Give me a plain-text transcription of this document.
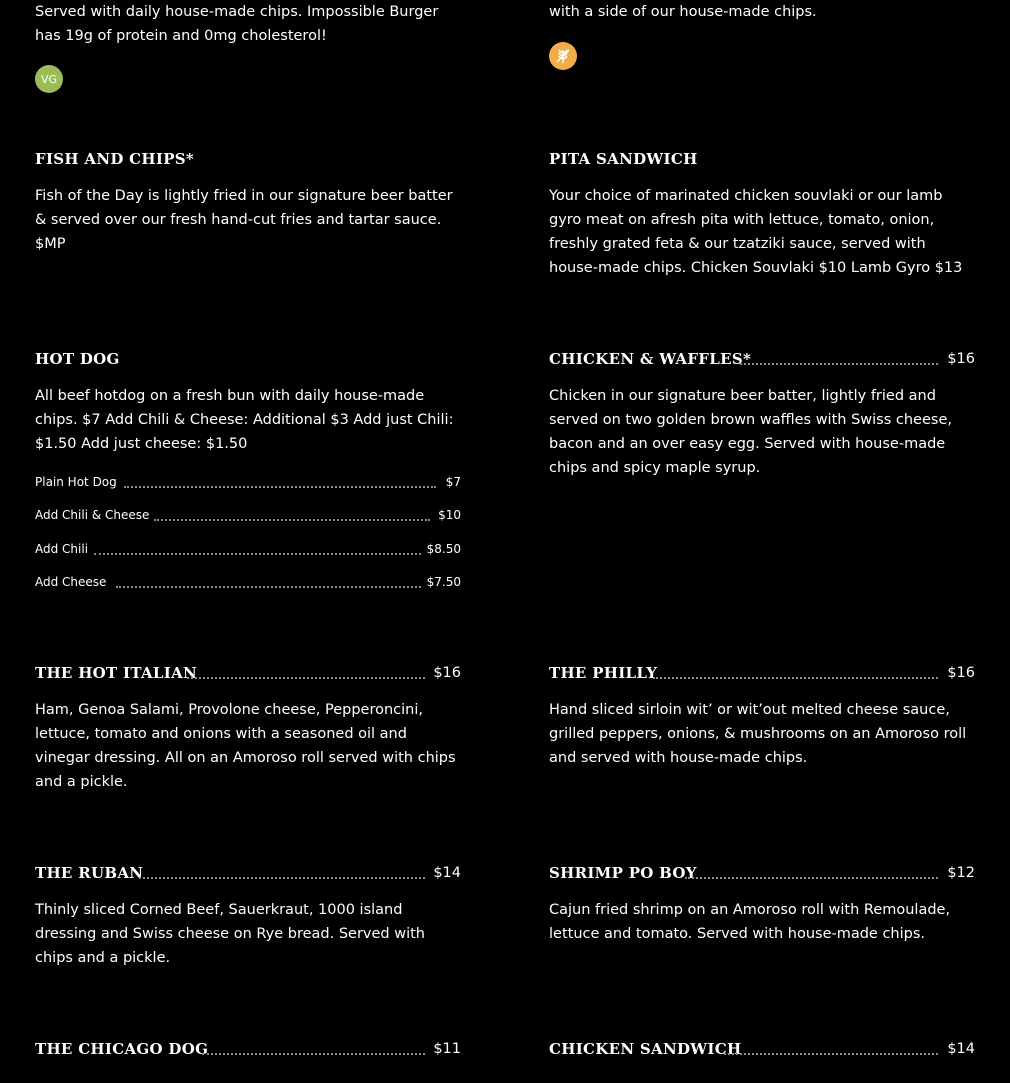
Served with daily house-made chips. Impossible Burger has 19g of protein and 0mg cholesterol!
VG
with a side of our house-made chips.
FISH AND CHIPS*
Fish of the Day is lightly fried in our signature beer batter & served over our fresh hand-cut fries and tartar sauce. $MP
PITA SANDWICH
Your choice of marinated chicken souvlaki or our lamb gyro meat on afresh pita with lettuce, tomato, onion, freshly grated feta & our tzatziki sauce, served with house-made chips. Chicken Souvlaki $10 Lamb Gyro $13
HOT DOG
All beef hotdog on a fresh bun with daily house-made chips. $7 Add Chili & Cheese: Additional $3 Add just Chili: $1.50 Add just cheese: $1.50
Plain Hot Dog	$7
Add Chili & Cheese	$10
Add Chili	$8.50
Add Cheese	$7.50
CHICKEN & WAFFLES*	$16
Chicken in our signature beer batter, lightly fried and served on two golden brown waffles with Swiss cheese, bacon and an over easy egg. Served with house-made chips and spicy maple syrup.
THE HOT ITALIAN	$16
Ham, Genoa Salami, Provolone cheese, Pepperoncini, lettuce, tomato and onions with a seasoned oil and vinegar dressing. All on an Amoroso roll served with chips and a pickle.
THE PHILLY	$16
Hand sliced sirloin wit’ or wit’out melted cheese sauce, grilled peppers, onions, & mushrooms on an Amoroso roll and served with house-made chips.
THE RUBAN	$14
Thinly sliced Corned Beef, Sauerkraut, 1000 island dressing and Swiss cheese on Rye bread. Served with chips and a pickle.
SHRIMP PO BOY	$12
Cajun fried shrimp on an Amoroso roll with Remoulade, lettuce and tomato. Served with house-made chips.
THE CHICAGO DOG	$11	CHICKEN SANDWICH	$14
